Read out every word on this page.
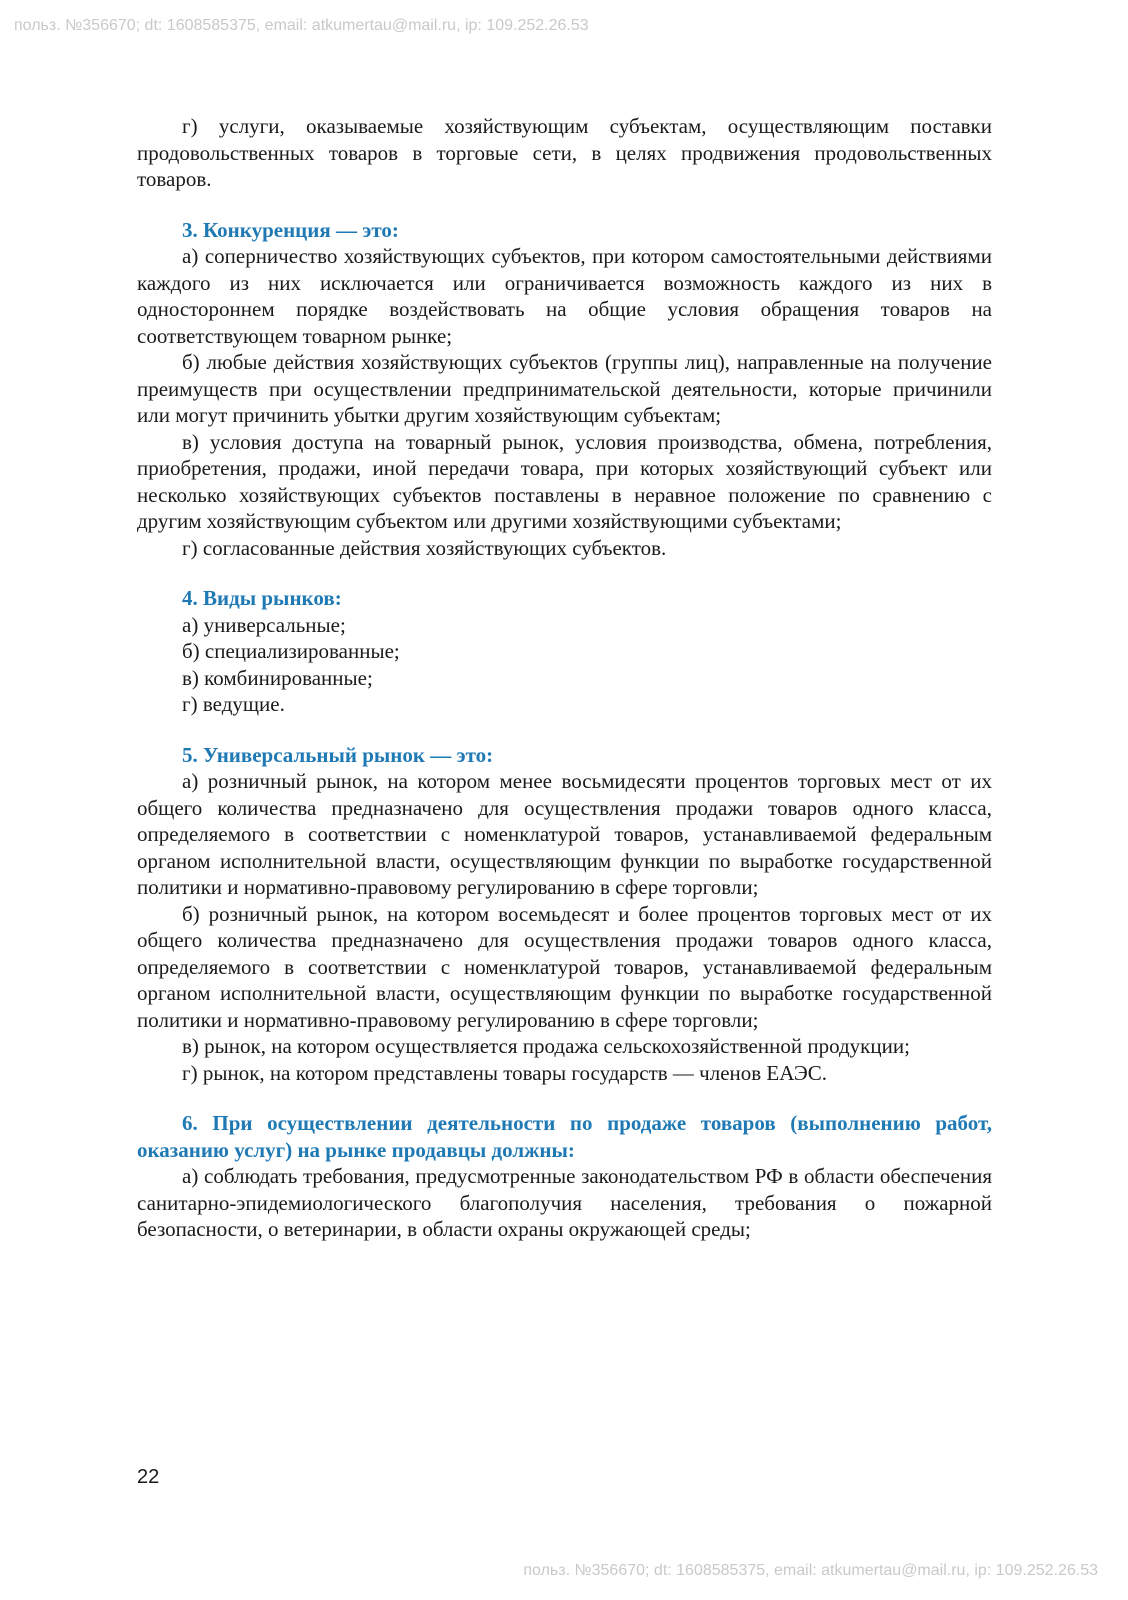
польз. №356670; dt: 1608585375, email: atkumertau@mail.ru, ip: 109.252.26.53

г) услуги, оказываемые хозяйствующим субъектам, осуществляющим поставки продовольственных товаров в торговые сети, в целях продвижения продовольственных товаров.

3. Конкуренция — это:

а) соперничество хозяйствующих субъектов, при котором самостоятельными действиями каждого из них исключается или ограничивается возможность каждого из них в одностороннем порядке воздействовать на общие условия обращения товаров на соответствующем товарном рынке;

б) любые действия хозяйствующих субъектов (группы лиц), направленные на получение преимуществ при осуществлении предпринимательской деятельности, которые причинили или могут причинить убытки другим хозяйствующим субъектам;

в) условия доступа на товарный рынок, условия производства, обмена, потребления, приобретения, продажи, иной передачи товара, при которых хозяйствующий субъект или несколько хозяйствующих субъектов поставлены в неравное положение по сравнению с другим хозяйствующим субъектом или другими хозяйствующими субъектами;

г) согласованные действия хозяйствующих субъектов.

4. Виды рынков:

а) универсальные;

б) специализированные;

в) комбинированные;

г) ведущие.

5. Универсальный рынок — это:

а) розничный рынок, на котором менее восьмидесяти процентов торговых мест от их общего количества предназначено для осуществления продажи товаров одного класса, определяемого в соответствии с номенклатурой товаров, устанавливаемой федеральным органом исполнительной власти, осуществляющим функции по выработке государственной политики и нормативно-правовому регулированию в сфере торговли;

б) розничный рынок, на котором восемьдесят и более процентов торговых мест от их общего количества предназначено для осуществления продажи товаров одного класса, определяемого в соответствии с номенклатурой товаров, устанавливаемой федеральным органом исполнительной власти, осуществляющим функции по выработке государственной политики и нормативно-правовому регулированию в сфере торговли;

в) рынок, на котором осуществляется продажа сельскохозяйственной продукции;

г) рынок, на котором представлены товары государств — членов ЕАЭС.

6. При осуществлении деятельности по продаже товаров (выполнению работ, оказанию услуг) на рынке продавцы должны:

а) соблюдать требования, предусмотренные законодательством РФ в области обеспечения санитарно-эпидемиологического благополучия населения, требования о пожарной безопасности, о ветеринарии, в области охраны окружающей среды;

22
польз. №356670; dt: 1608585375, email: atkumertau@mail.ru, ip: 109.252.26.53
